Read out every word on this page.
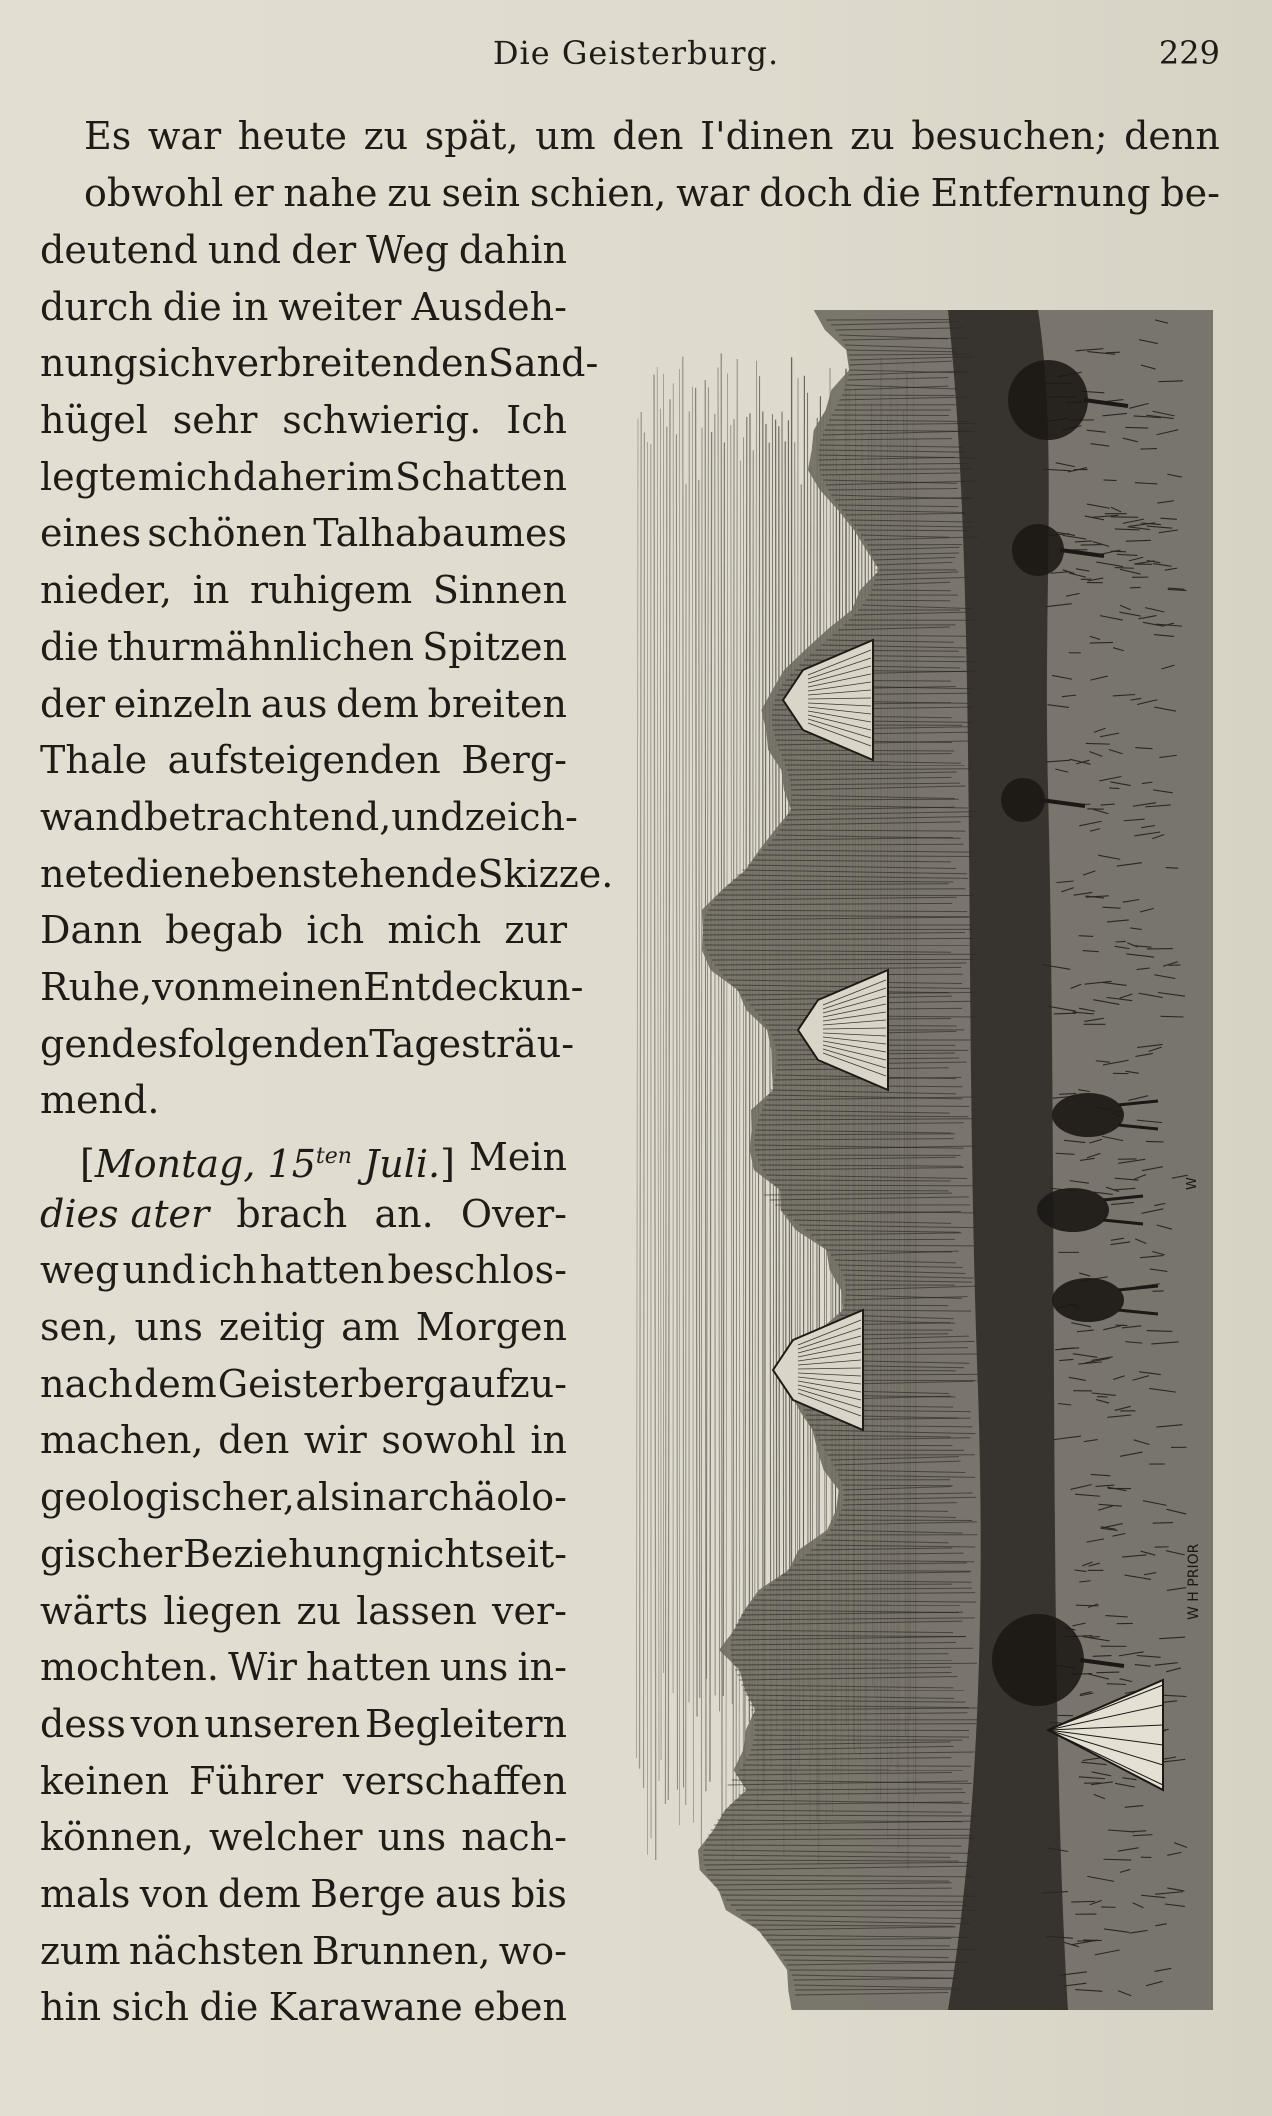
Die Geisterburg.	229
Es war heute zu spät, um den I'dinen zu besuchen; denn
obwohl er nahe zu sein schien, war doch die Entfernung be-
deutend und der Weg dahin
durch die in weiter Ausdeh-
nung sich verbreitenden Sand-
hügel sehr schwierig. Ich
legte mich daher im Schatten
eines schönen Talhabaumes
nieder, in ruhigem Sinnen
die thurmähnlichen Spitzen
der einzeln aus dem breiten
Thale aufsteigenden Berg-
wand betrachtend, und zeich-
nete die nebenstehende Skizze.
Dann begab ich mich zur
Ruhe, von meinen Entdeckun-
gen des folgenden Tages träu-
mend.
[Montag, $15^{ten}$ Juli.] Mein
dies ater brach an. Over-
weg und ich hatten beschlos-
sen, uns zeitig am Morgen
nach dem Geisterberg aufzu-
machen, den wir sowohl in
geologischer, als in archäolo-
gischer Beziehung nicht seit-
wärts liegen zu lassen ver-
mochten. Wir hatten uns in-
dess von unseren Begleitern
keinen Führer verschaffen
können, welcher uns nach-
mals von dem Berge aus bis
zum nächsten Brunnen, wo-
hin sich die Karawane eben
W H PRIOR
W
